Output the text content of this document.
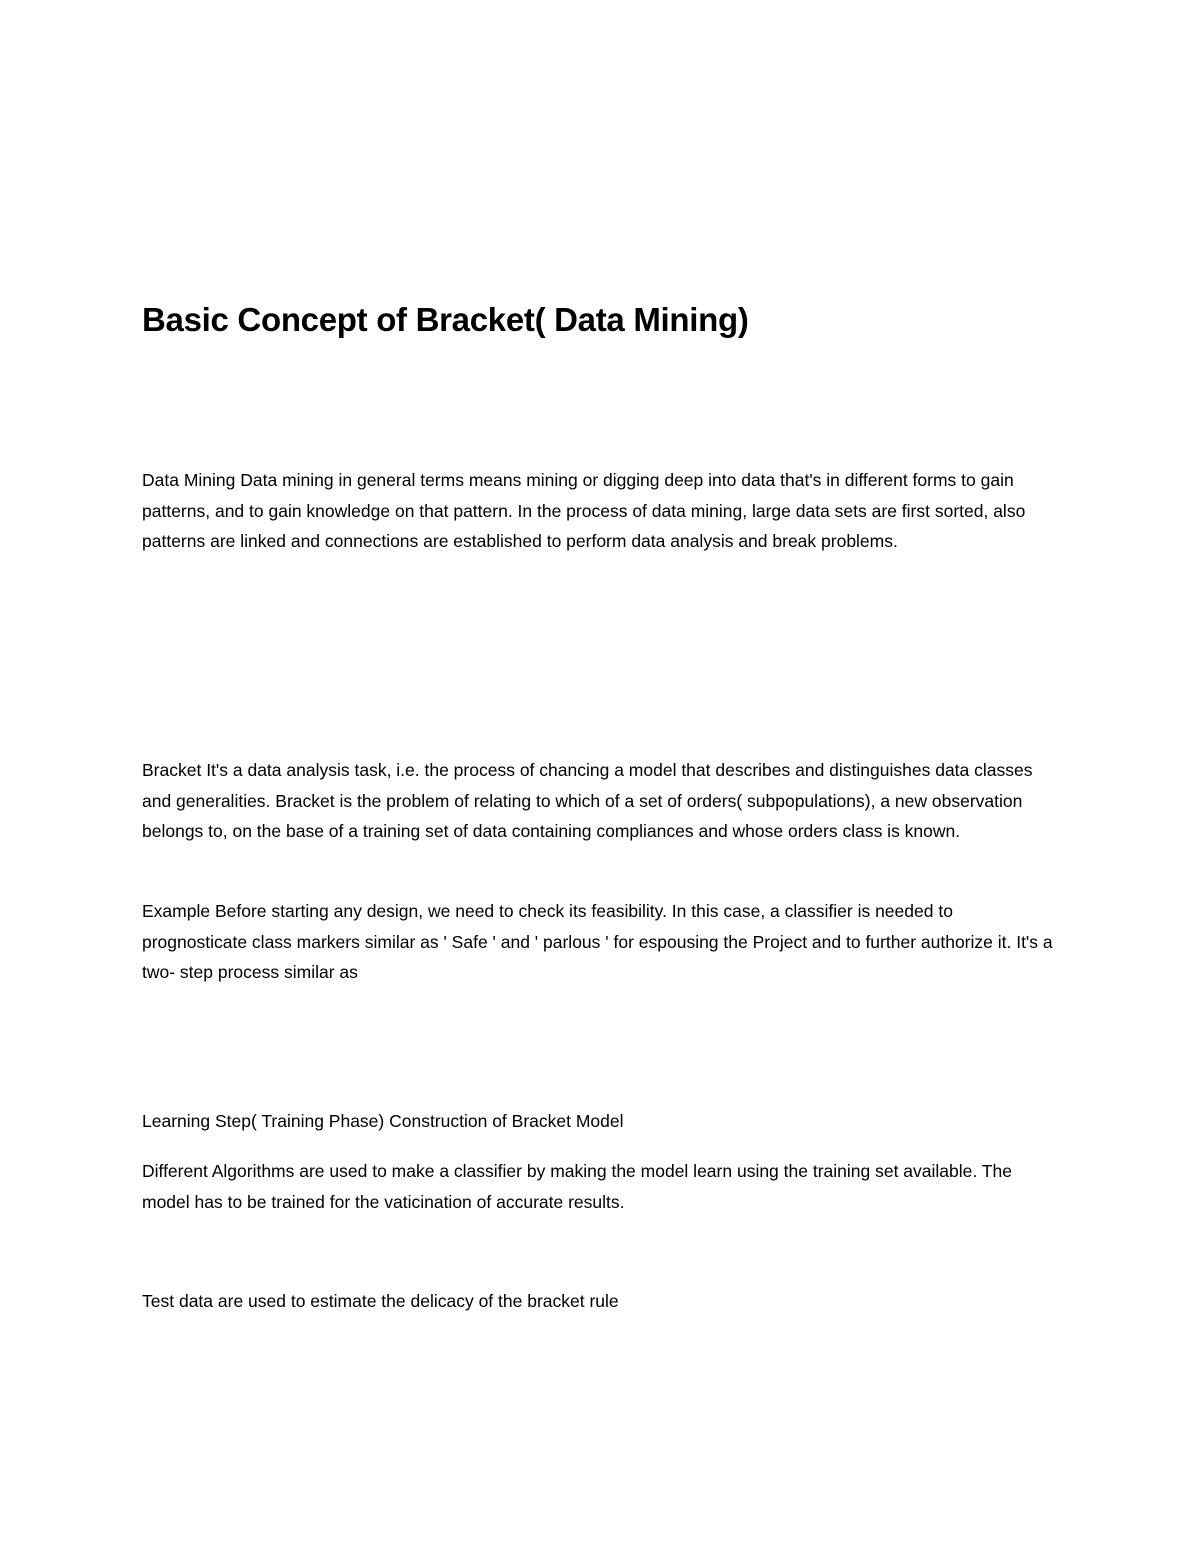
Basic Concept of Bracket( Data Mining)

Data Mining Data mining in general terms means mining or digging deep into data that's in different forms to gain patterns, and to gain knowledge on that pattern. In the process of data mining, large data sets are first sorted, also patterns are linked and connections are established to perform data analysis and break problems.

Bracket It's a data analysis task, i.e. the process of chancing a model that describes and distinguishes data classes and generalities. Bracket is the problem of relating to which of a set of orders( subpopulations), a new observation belongs to, on the base of a training set of data containing compliances and whose orders class is known.

Example Before starting any design, we need to check its feasibility. In this case, a classifier is needed to prognosticate class markers similar as ' Safe ' and ' parlous ' for espousing the Project and to further authorize it. It's a two- step process similar as

Learning Step( Training Phase) Construction of Bracket Model

Different Algorithms are used to make a classifier by making the model learn using the training set available. The model has to be trained for the vaticination of accurate results.

Test data are used to estimate the delicacy of the bracket rule
